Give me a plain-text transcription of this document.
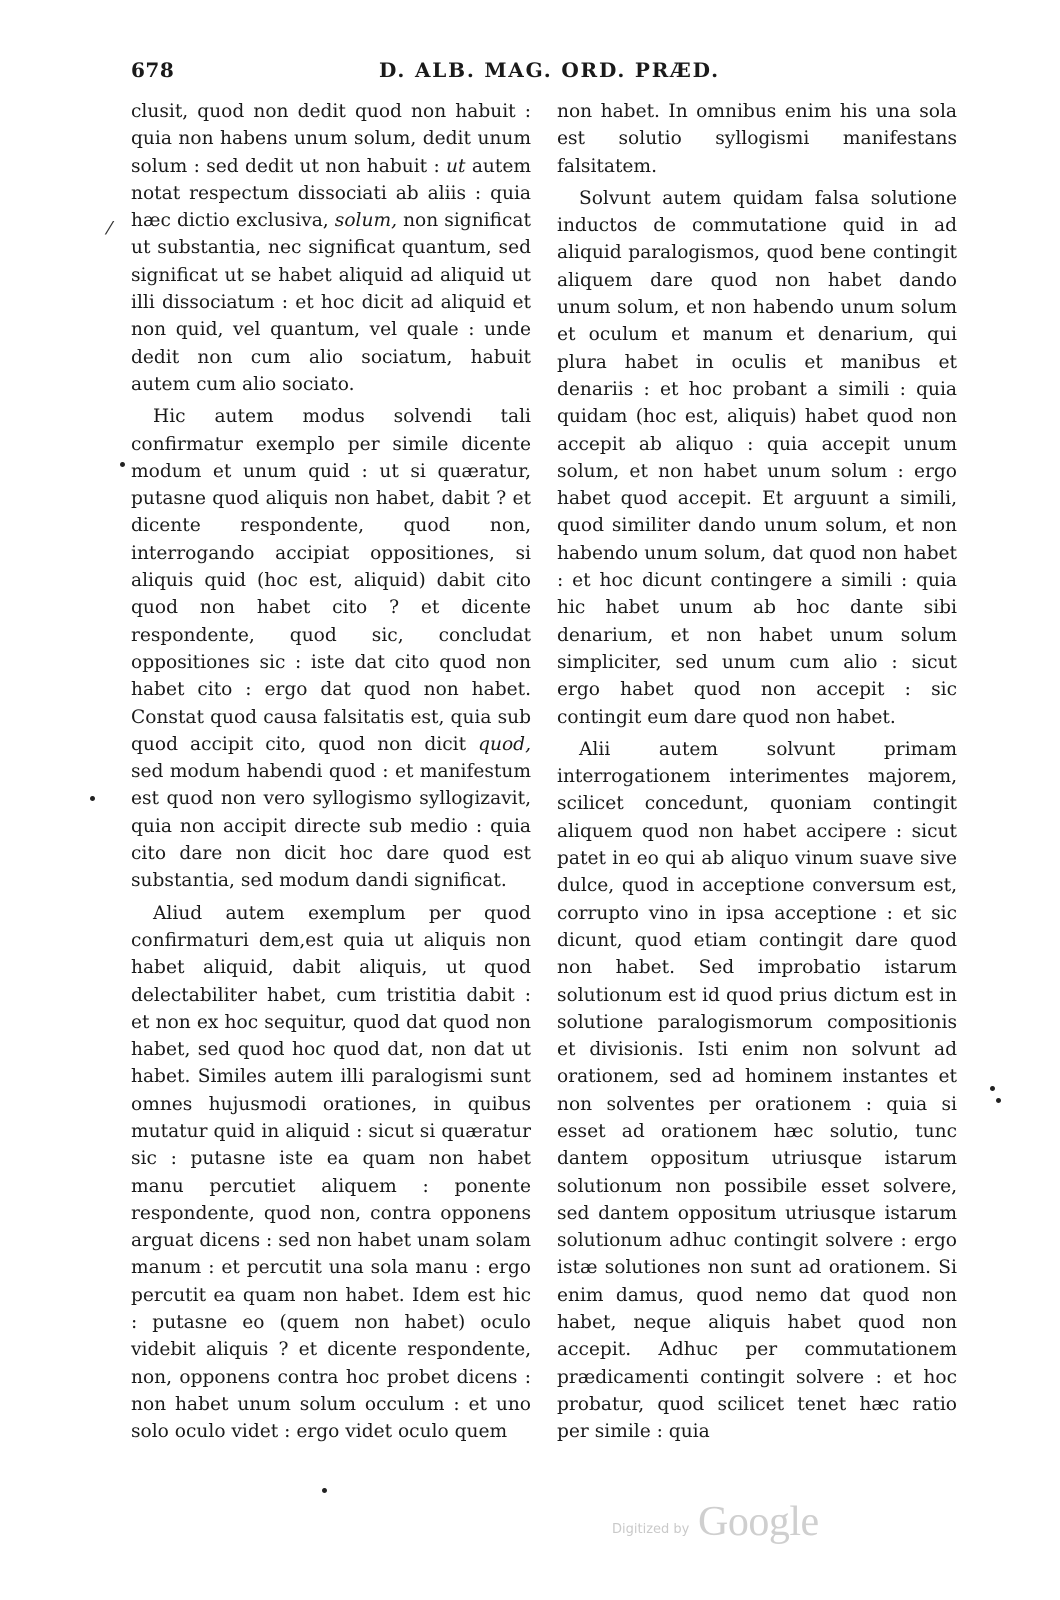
678	D. ALB. MAG. ORD. PRÆD.

clusit, quod non dedit quod non habuit : quia non habens unum solum, dedit unum solum : sed dedit ut non habuit : ut autem notat respectum dissociati ab aliis : quia hæc dictio exclusiva, solum, non significat ut substantia, nec significat quantum, sed significat ut se habet aliquid ad aliquid ut illi dissociatum : et hoc dicit ad aliquid et non quid, vel quantum, vel quale : unde dedit non cum alio sociatum, habuit autem cum alio sociato.

Hic autem modus solvendi tali confirmatur exemplo per simile dicente modum et unum quid : ut si quæratur, putasne quod aliquis non habet, dabit ? et dicente respondente, quod non, interrogando accipiat oppositiones, si aliquis quid (hoc est, aliquid) dabit cito quod non habet cito ? et dicente respondente, quod sic, concludat oppositiones sic : iste dat cito quod non habet cito : ergo dat quod non habet. Constat quod causa falsitatis est, quia sub quod accipit cito, quod non dicit quod, sed modum habendi quod : et manifestum est quod non vero syllogismo syllogizavit, quia non accipit directe sub medio : quia cito dare non dicit hoc dare quod est substantia, sed modum dandi significat.

Aliud autem exemplum per quod confirmaturi dem,est quia ut aliquis non habet aliquid, dabit aliquis, ut quod delectabiliter habet, cum tristitia dabit : et non ex hoc sequitur, quod dat quod non habet, sed quod hoc quod dat, non dat ut habet. Similes autem illi paralogismi sunt omnes hujusmodi orationes, in quibus mutatur quid in aliquid : sicut si quæratur sic : putasne iste ea quam non habet manu percutiet aliquem : ponente respondente, quod non, contra opponens arguat dicens : sed non habet unam solam manum : et percutit una sola manu : ergo percutit ea quam non habet. Idem est hic : putasne eo (quem non habet) oculo videbit aliquis ? et dicente respondente, non, opponens contra hoc probet dicens : non habet unum solum occulum : et uno solo oculo videt : ergo videt oculo quem

non habet. In omnibus enim his una sola est solutio syllogismi manifestans falsitatem.

Solvunt autem quidam falsa solutione inductos de commutatione quid in ad aliquid paralogismos, quod bene contingit aliquem dare quod non habet dando unum solum, et non habendo unum solum et oculum et manum et denarium, qui plura habet in oculis et manibus et denariis : et hoc probant a simili : quia quidam (hoc est, aliquis) habet quod non accepit ab aliquo : quia accepit unum solum, et non habet unum solum : ergo habet quod accepit. Et arguunt a simili, quod similiter dando unum solum, et non habendo unum solum, dat quod non habet : et hoc dicunt contingere a simili : quia hic habet unum ab hoc dante sibi denarium, et non habet unum solum simpliciter, sed unum cum alio : sicut ergo habet quod non accepit : sic contingit eum dare quod non habet.

Alii autem solvunt primam interrogationem interimentes majorem, scilicet concedunt, quoniam contingit aliquem quod non habet accipere : sicut patet in eo qui ab aliquo vinum suave sive dulce, quod in acceptione conversum est, corrupto vino in ipsa acceptione : et sic dicunt, quod etiam contingit dare quod non habet. Sed improbatio istarum solutionum est id quod prius dictum est in solutione paralogismorum compositionis et divisionis. Isti enim non solvunt ad orationem, sed ad hominem instantes et non solventes per orationem : quia si esset ad orationem hæc solutio, tunc dantem oppositum utriusque istarum solutionum non possibile esset solvere, sed dantem oppositum utriusque istarum solutionum adhuc contingit solvere : ergo istæ solutiones non sunt ad orationem. Si enim damus, quod nemo dat quod non habet, neque aliquis habet quod non accepit. Adhuc per commutationem prædicamenti contingit solvere : et hoc probatur, quod scilicet tenet hæc ratio per simile : quia

⁄
Digitized by Google
